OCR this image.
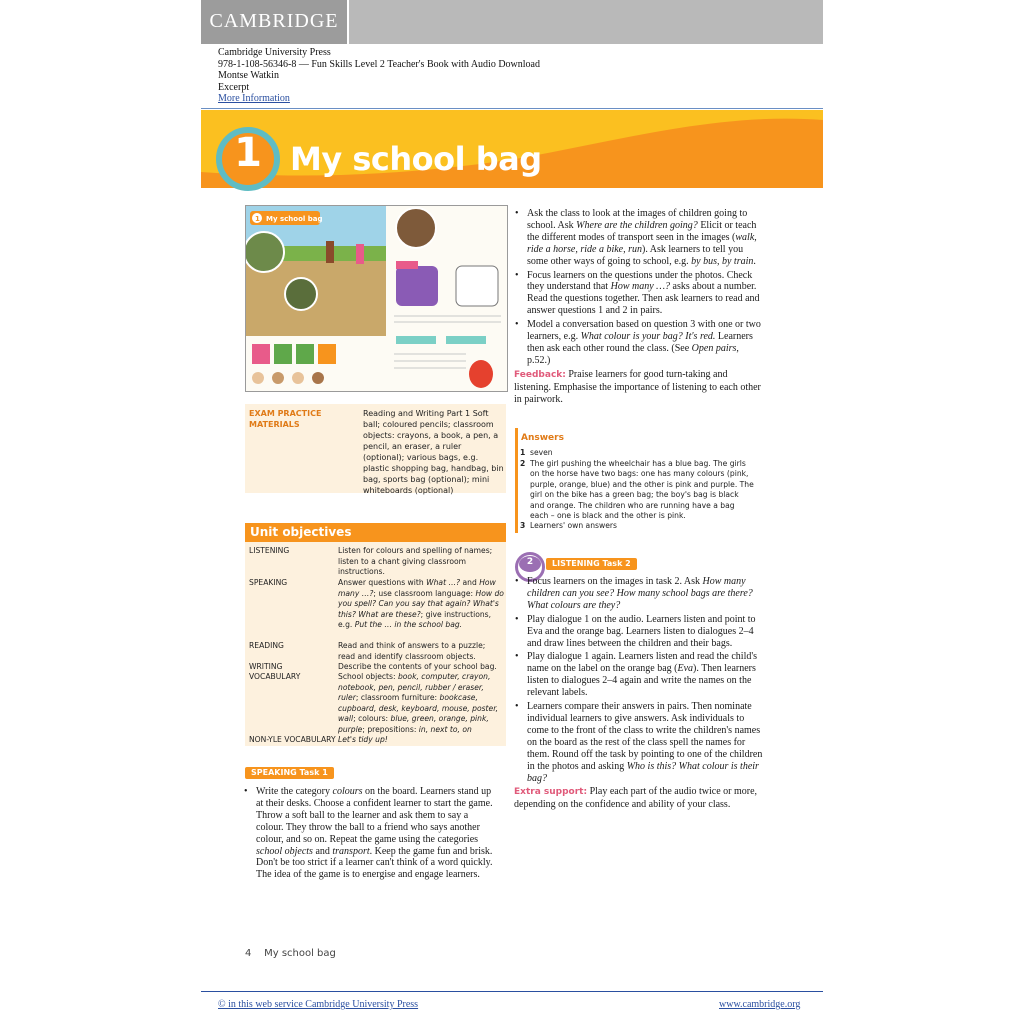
CAMBRIDGE
Cambridge University Press
978-1-108-56346-8 — Fun Skills Level 2 Teacher's Book with Audio Download
Montse Watkin
Excerpt
More Information
1 My school bag
1 My school bag
EXAM PRACTICE MATERIALS
Reading and Writing Part 1 Soft ball; coloured pencils; classroom objects: crayons, a book, a pen, a pencil, an eraser, a ruler (optional); various bags, e.g. plastic shopping bag, handbag, bin bag, sports bag (optional); mini whiteboards (optional)
Unit objectives
LISTENING	Listen for colours and spelling of names; listen to a chant giving classroom instructions.
SPEAKING	Answer questions with What …? and How many …?; use classroom language: How do you spell? Can you say that again? What's this? What are these?; give instructions, e.g. Put the … in the school bag.
READING	Read and think of answers to a puzzle; read and identify classroom objects.
WRITING	Describe the contents of your school bag.
VOCABULARY	School objects: book, computer, crayon, notebook, pen, pencil, rubber / eraser, ruler; classroom furniture: bookcase, cupboard, desk, keyboard, mouse, poster, wall; colours: blue, green, orange, pink, purple; prepositions: in, next to, on
NON-YLE VOCABULARY Let's tidy up!
SPEAKING Task 1
• Write the category colours on the board. Learners stand up at their desks. Choose a confident learner to start the game. Throw a soft ball to the learner and ask them to say a colour. They throw the ball to a friend who says another colour, and so on. Repeat the game using the categories school objects and transport. Keep the game fun and brisk. Don't be too strict if a learner can't think of a word quickly. The idea of the game is to energise and engage learners.
• Ask the class to look at the images of children going to school. Ask Where are the children going? Elicit or teach the different modes of transport seen in the images (walk, ride a horse, ride a bike, run). Ask learners to tell you some other ways of going to school, e.g. by bus, by train.
• Focus learners on the questions under the photos. Check they understand that How many …? asks about a number. Read the questions together. Then ask learners to read and answer questions 1 and 2 in pairs.
• Model a conversation based on question 3 with one or two learners, e.g. What colour is your bag? It's red. Learners then ask each other round the class. (See Open pairs, p.52.)
Feedback: Praise learners for good turn-taking and listening. Emphasise the importance of listening to each other in pairwork.
Answers
1 seven
2 The girl pushing the wheelchair has a blue bag. The girls on the horse have two bags: one has many colours (pink, purple, orange, blue) and the other is pink and purple. The girl on the bike has a green bag; the boy's bag is black and orange. The children who are running have a bag each – one is black and the other is pink.
3 Learners' own answers
2	LISTENING Task 2
• Focus learners on the images in task 2. Ask How many children can you see? How many school bags are there? What colours are they?
• Play dialogue 1 on the audio. Learners listen and point to Eva and the orange bag. Learners listen to dialogues 2–4 and draw lines between the children and their bags.
• Play dialogue 1 again. Learners listen and read the child's name on the label on the orange bag (Eva). Then learners listen to dialogues 2–4 again and write the names on the relevant labels.
• Learners compare their answers in pairs. Then nominate individual learners to give answers. Ask individuals to come to the front of the class to write the children's names on the board as the rest of the class spell the names for them. Round off the task by pointing to one of the children in the photos and asking Who is this? What colour is their bag?
Extra support: Play each part of the audio twice or more, depending on the confidence and ability of your class.
4 My school bag
© in this web service Cambridge University Press	www.cambridge.org
